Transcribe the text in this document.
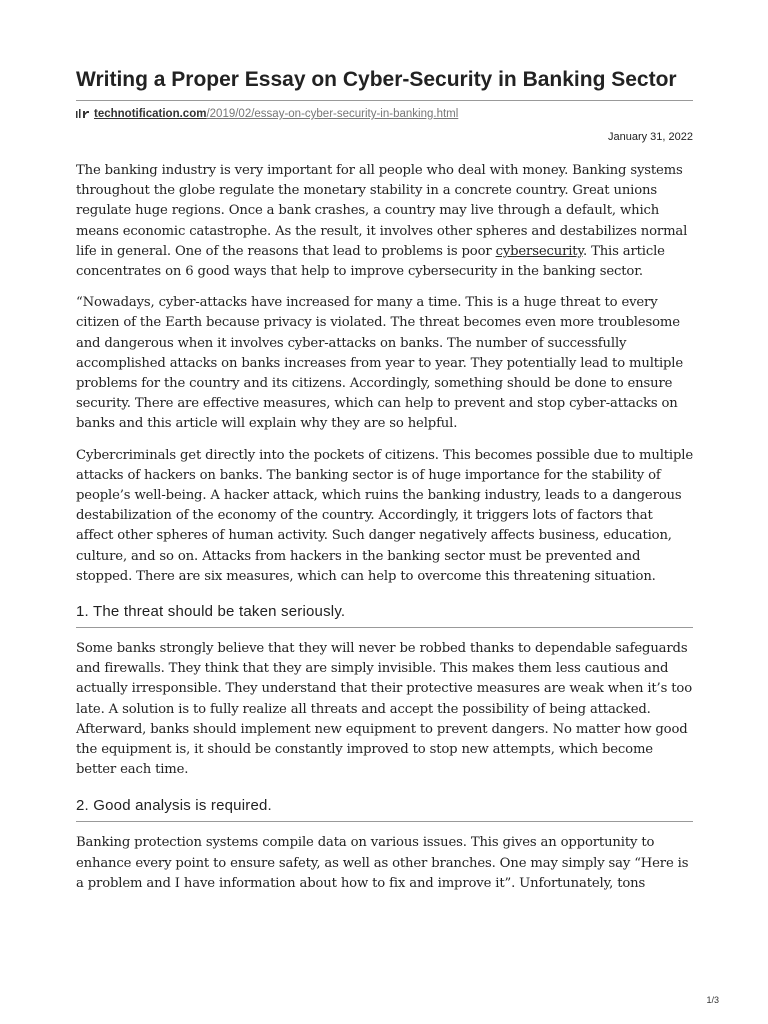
Writing a Proper Essay on Cyber-Security in Banking Sector
technotification.com /2019/02/essay-on-cyber-security-in-banking.html
January 31, 2022

The banking industry is very important for all people who deal with money. Banking systems throughout the globe regulate the monetary stability in a concrete country. Great unions regulate huge regions. Once a bank crashes, a country may live through a default, which means economic catastrophe. As the result, it involves other spheres and destabilizes normal life in general. One of the reasons that lead to problems is poor cybersecurity. This article concentrates on 6 good ways that help to improve cybersecurity in the banking sector.

“Nowadays, cyber-attacks have increased for many a time. This is a huge threat to every citizen of the Earth because privacy is violated. The threat becomes even more troublesome and dangerous when it involves cyber-attacks on banks. The number of successfully accomplished attacks on banks increases from year to year. They potentially lead to multiple problems for the country and its citizens. Accordingly, something should be done to ensure security. There are effective measures, which can help to prevent and stop cyber-attacks on banks and this article will explain why they are so helpful.

Cybercriminals get directly into the pockets of citizens. This becomes possible due to multiple attacks of hackers on banks. The banking sector is of huge importance for the stability of people’s well-being. A hacker attack, which ruins the banking industry, leads to a dangerous destabilization of the economy of the country. Accordingly, it triggers lots of factors that affect other spheres of human activity. Such danger negatively affects business, education, culture, and so on. Attacks from hackers in the banking sector must be prevented and stopped. There are six measures, which can help to overcome this threatening situation.

1. The threat should be taken seriously.

Some banks strongly believe that they will never be robbed thanks to dependable safeguards and firewalls. They think that they are simply invisible. This makes them less cautious and actually irresponsible. They understand that their protective measures are weak when it’s too late. A solution is to fully realize all threats and accept the possibility of being attacked. Afterward, banks should implement new equipment to prevent dangers. No matter how good the equipment is, it should be constantly improved to stop new attempts, which become better each time.

2. Good analysis is required.

Banking protection systems compile data on various issues. This gives an opportunity to enhance every point to ensure safety, as well as other branches. One may simply say “Here is a problem and I have information about how to fix and improve it”. Unfortunately, tons

1/3
